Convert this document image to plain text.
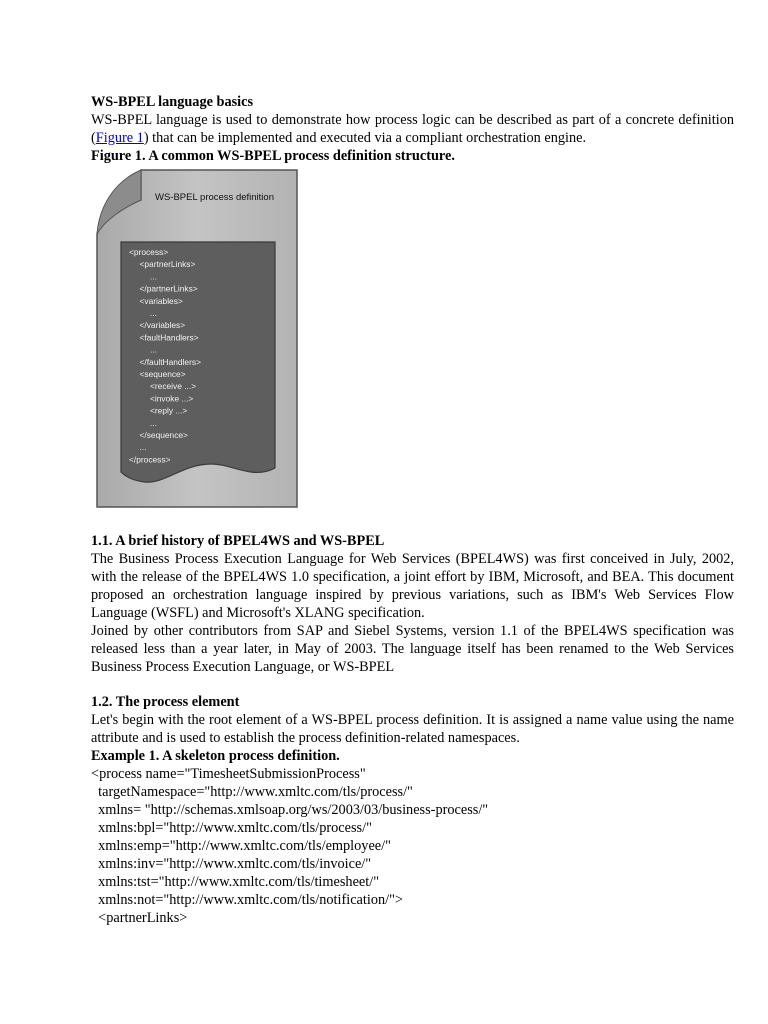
WS-BPEL language basics

WS-BPEL language is used to demonstrate how process logic can be described as part of a concrete definition (Figure 1) that can be implemented and executed via a compliant orchestration engine.

Figure 1. A common WS-BPEL process definition structure.

WS-BPEL process definition
<process>
<partnerLinks>
...
</partnerLinks>
<variables>
...
</variables>
<faultHandlers>
...
</faultHandlers>
<sequence>
<receive ...>
<invoke ...>
<reply ...>
...
</sequence>
...
</process>

1.1. A brief history of BPEL4WS and WS-BPEL

The Business Process Execution Language for Web Services (BPEL4WS) was first conceived in July, 2002, with the release of the BPEL4WS 1.0 specification, a joint effort by IBM, Microsoft, and BEA. This document proposed an orchestration language inspired by previous variations, such as IBM's Web Services Flow Language (WSFL) and Microsoft's XLANG specification.

Joined by other contributors from SAP and Siebel Systems, version 1.1 of the BPEL4WS specification was released less than a year later, in May of 2003. The language itself has been renamed to the Web Services Business Process Execution Language, or WS-BPEL

1.2. The process element

Let's begin with the root element of a WS-BPEL process definition. It is assigned a name value using the name attribute and is used to establish the process definition-related namespaces.

Example 1. A skeleton process definition.

<process name="TimesheetSubmissionProcess"
targetNamespace="http://www.xmltc.com/tls/process/"
xmlns= "http://schemas.xmlsoap.org/ws/2003/03/business-process/"
xmlns:bpl="http://www.xmltc.com/tls/process/"
xmlns:emp="http://www.xmltc.com/tls/employee/"
xmlns:inv="http://www.xmltc.com/tls/invoice/"
xmlns:tst="http://www.xmltc.com/tls/timesheet/"
xmlns:not="http://www.xmltc.com/tls/notification/">
<partnerLinks>
